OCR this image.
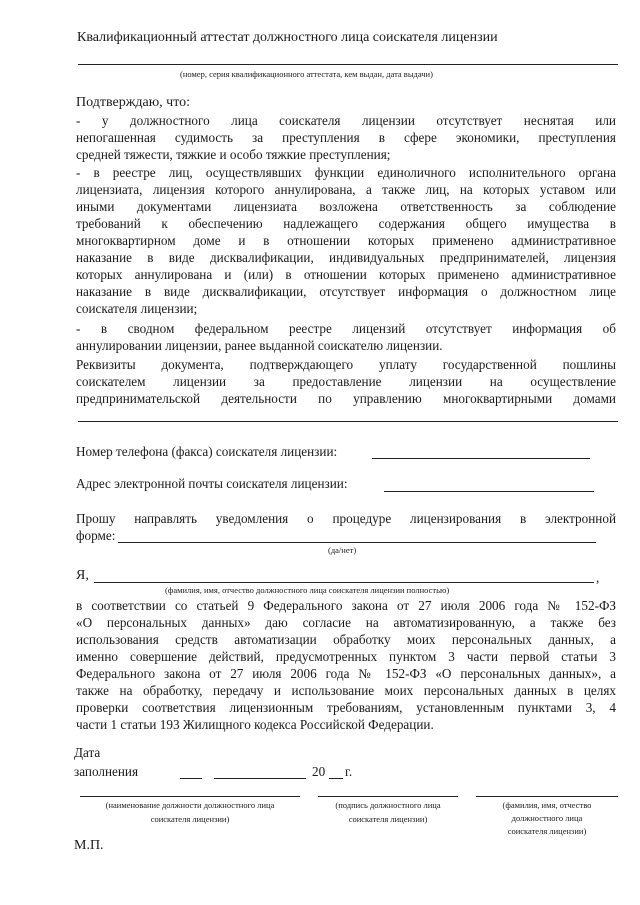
Квалификационный аттестат должностного лица соискателя лицензии
(номер, серия квалификационного аттестата, кем выдан, дата выдачи)
Подтверждаю, что:
- у должностного лица соискателя лицензии отсутствует неснятая или
непогашенная судимость за преступления в сфере экономики, преступления
средней тяжести, тяжкие и особо тяжкие преступления;
- в реестре лиц, осуществлявших функции единоличного исполнительного органа
лицензиата, лицензия которого аннулирована, а также лиц, на которых уставом или
иными документами лицензиата возложена ответственность за соблюдение
требований к обеспечению надлежащего содержания общего имущества в
многоквартирном доме и в отношении которых применено административное
наказание в виде дисквалификации, индивидуальных предпринимателей, лицензия
которых аннулирована и (или) в отношении которых применено административное
наказание в виде дисквалификации, отсутствует информация о должностном лице
соискателя лицензии;
- в сводном федеральном реестре лицензий отсутствует информация об
аннулировании лицензии, ранее выданной соискателю лицензии.
Реквизиты документа, подтверждающего уплату государственной пошлины
соискателем лицензии за предоставление лицензии на осуществление
предпринимательской деятельности по управлению многоквартирными домами
Номер телефона (факса) соискателя лицензии:
Адрес электронной почты соискателя лицензии:
Прошу направлять уведомления о процедуре лицензирования в электронной
форме:
(да/нет)
Я,	,
(фамилия, имя, отчество должностного лица соискателя лицензии полностью)
в соответствии со статьей 9 Федерального закона от 27 июля 2006 года № 152-ФЗ
«О персональных данных» даю согласие на автоматизированную, а также без
использования средств автоматизации обработку моих персональных данных, а
именно совершение действий, предусмотренных пунктом 3 части первой статьи 3
Федерального закона от 27 июля 2006 года № 152-ФЗ «О персональных данных», а
также на обработку, передачу и использование моих персональных данных в целях
проверки соответствия лицензионным требованиям, установленным пунктами 3, 4
части 1 статьи 193 Жилищного кодекса Российской Федерации.
Дата
заполнения	20 г.
(наименование должности должностного лица
соискателя лицензии)
(подпись должностного лица
соискателя лицензии)
(фамилия, имя, отчество
должностного лица
соискателя лицензии)
М.П.
